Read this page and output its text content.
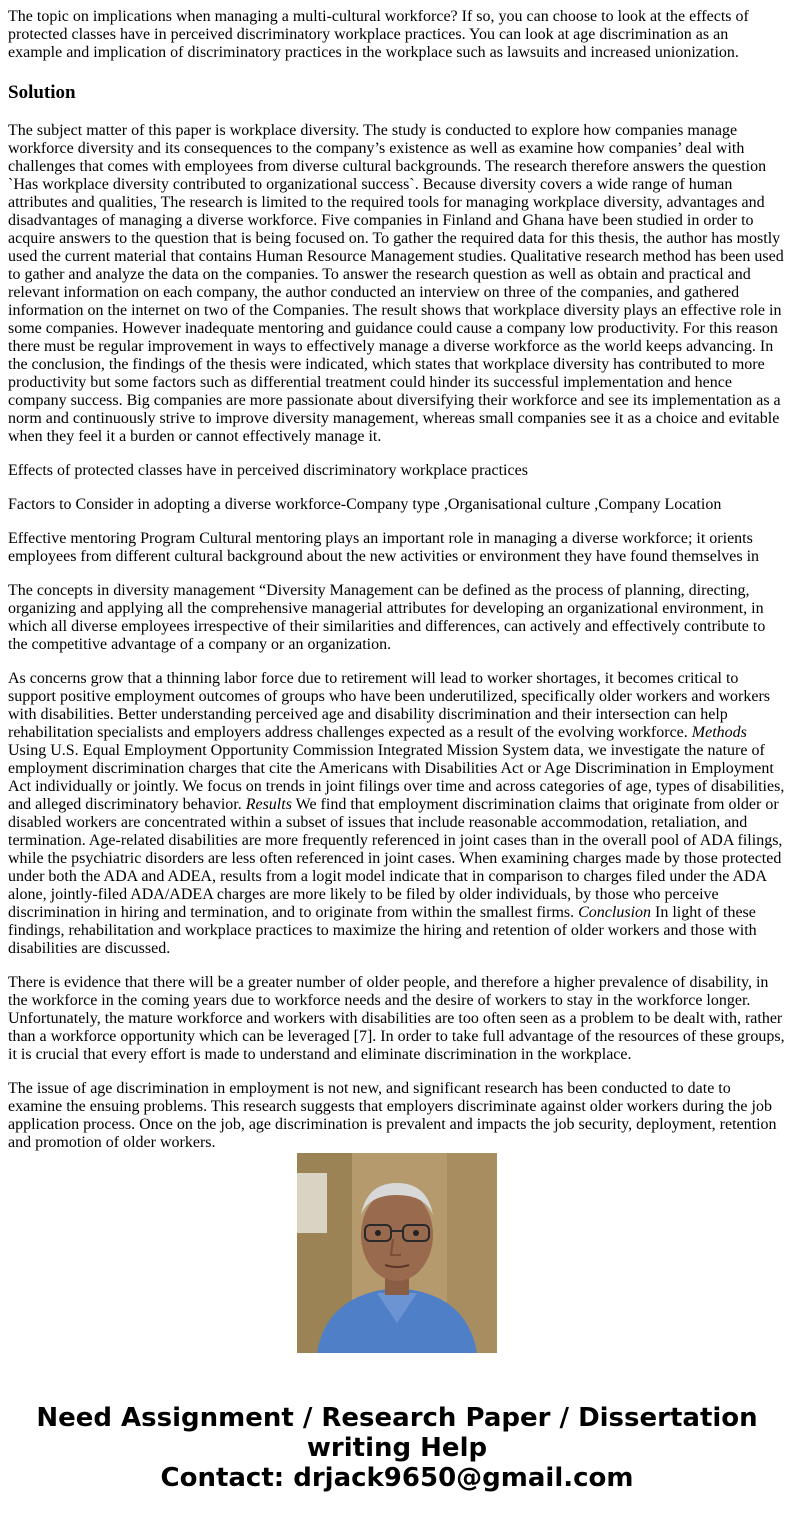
The topic on implications when managing a multi-cultural workforce? If so, you can choose to look at the effects of protected classes have in perceived discriminatory workplace practices. You can look at age discrimination as an example and implication of discriminatory practices in the workplace such as lawsuits and increased unionization.

Solution

The subject matter of this paper is workplace diversity. The study is conducted to explore how companies manage workforce diversity and its consequences to the company’s existence as well as examine how companies’ deal with challenges that comes with employees from diverse cultural backgrounds. The research therefore answers the question `Has workplace diversity contributed to organizational success`. Because diversity covers a wide range of human attributes and qualities, The research is limited to the required tools for managing workplace diversity, advantages and disadvantages of managing a diverse workforce. Five companies in Finland and Ghana have been studied in order to acquire answers to the question that is being focused on. To gather the required data for this thesis, the author has mostly used the current material that contains Human Resource Management studies. Qualitative research method has been used to gather and analyze the data on the companies. To answer the research question as well as obtain and practical and relevant information on each company, the author conducted an interview on three of the companies, and gathered information on the internet on two of the Companies. The result shows that workplace diversity plays an effective role in some companies. However inadequate mentoring and guidance could cause a company low productivity. For this reason there must be regular improvement in ways to effectively manage a diverse workforce as the world keeps advancing. In the conclusion, the findings of the thesis were indicated, which states that workplace diversity has contributed to more productivity but some factors such as differential treatment could hinder its successful implementation and hence company success. Big companies are more passionate about diversifying their workforce and see its implementation as a norm and continuously strive to improve diversity management, whereas small companies see it as a choice and evitable when they feel it a burden or cannot effectively manage it.

Effects of protected classes have in perceived discriminatory workplace practices

Factors to Consider in adopting a diverse workforce-Company type ,Organisational culture ,Company Location

Effective mentoring Program Cultural mentoring plays an important role in managing a diverse workforce; it orients employees from different cultural background about the new activities or environment they have found themselves in

The concepts in diversity management “Diversity Management can be defined as the process of planning, directing, organizing and applying all the comprehensive managerial attributes for developing an organizational environment, in which all diverse employees irrespective of their similarities and differences, can actively and effectively contribute to the competitive advantage of a company or an organization.

As concerns grow that a thinning labor force due to retirement will lead to worker shortages, it becomes critical to support positive employment outcomes of groups who have been underutilized, specifically older workers and workers with disabilities. Better understanding perceived age and disability discrimination and their intersection can help rehabilitation specialists and employers address challenges expected as a result of the evolving workforce. Methods Using U.S. Equal Employment Opportunity Commission Integrated Mission System data, we investigate the nature of employment discrimination charges that cite the Americans with Disabilities Act or Age Discrimination in Employment Act individually or jointly. We focus on trends in joint filings over time and across categories of age, types of disabilities, and alleged discriminatory behavior. Results We find that employment discrimination claims that originate from older or disabled workers are concentrated within a subset of issues that include reasonable accommodation, retaliation, and termination. Age-related disabilities are more frequently referenced in joint cases than in the overall pool of ADA filings, while the psychiatric disorders are less often referenced in joint cases. When examining charges made by those protected under both the ADA and ADEA, results from a logit model indicate that in comparison to charges filed under the ADA alone, jointly-filed ADA/ADEA charges are more likely to be filed by older individuals, by those who perceive discrimination in hiring and termination, and to originate from within the smallest firms. Conclusion In light of these findings, rehabilitation and workplace practices to maximize the hiring and retention of older workers and those with disabilities are discussed.

There is evidence that there will be a greater number of older people, and therefore a higher prevalence of disability, in the workforce in the coming years due to workforce needs and the desire of workers to stay in the workforce longer. Unfortunately, the mature workforce and workers with disabilities are too often seen as a problem to be dealt with, rather than a workforce opportunity which can be leveraged [7]. In order to take full advantage of the resources of these groups, it is crucial that every effort is made to understand and eliminate discrimination in the workplace.

The issue of age discrimination in employment is not new, and significant research has been conducted to date to examine the ensuing problems. This research suggests that employers discriminate against older workers during the job application process. Once on the job, age discrimination is prevalent and impacts the job security, deployment, retention and promotion of older workers.

Need Assignment / Research Paper / Dissertation
writing Help
Contact: drjack9650@gmail.com
